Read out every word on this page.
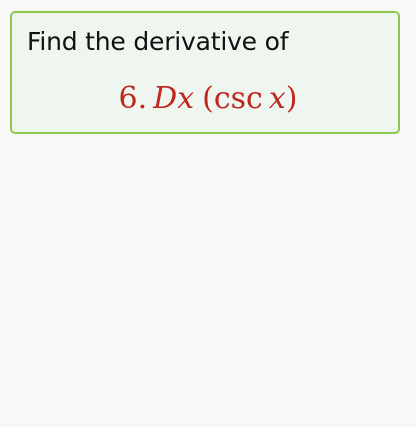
Find the derivative of
6. Dx (csc x)
